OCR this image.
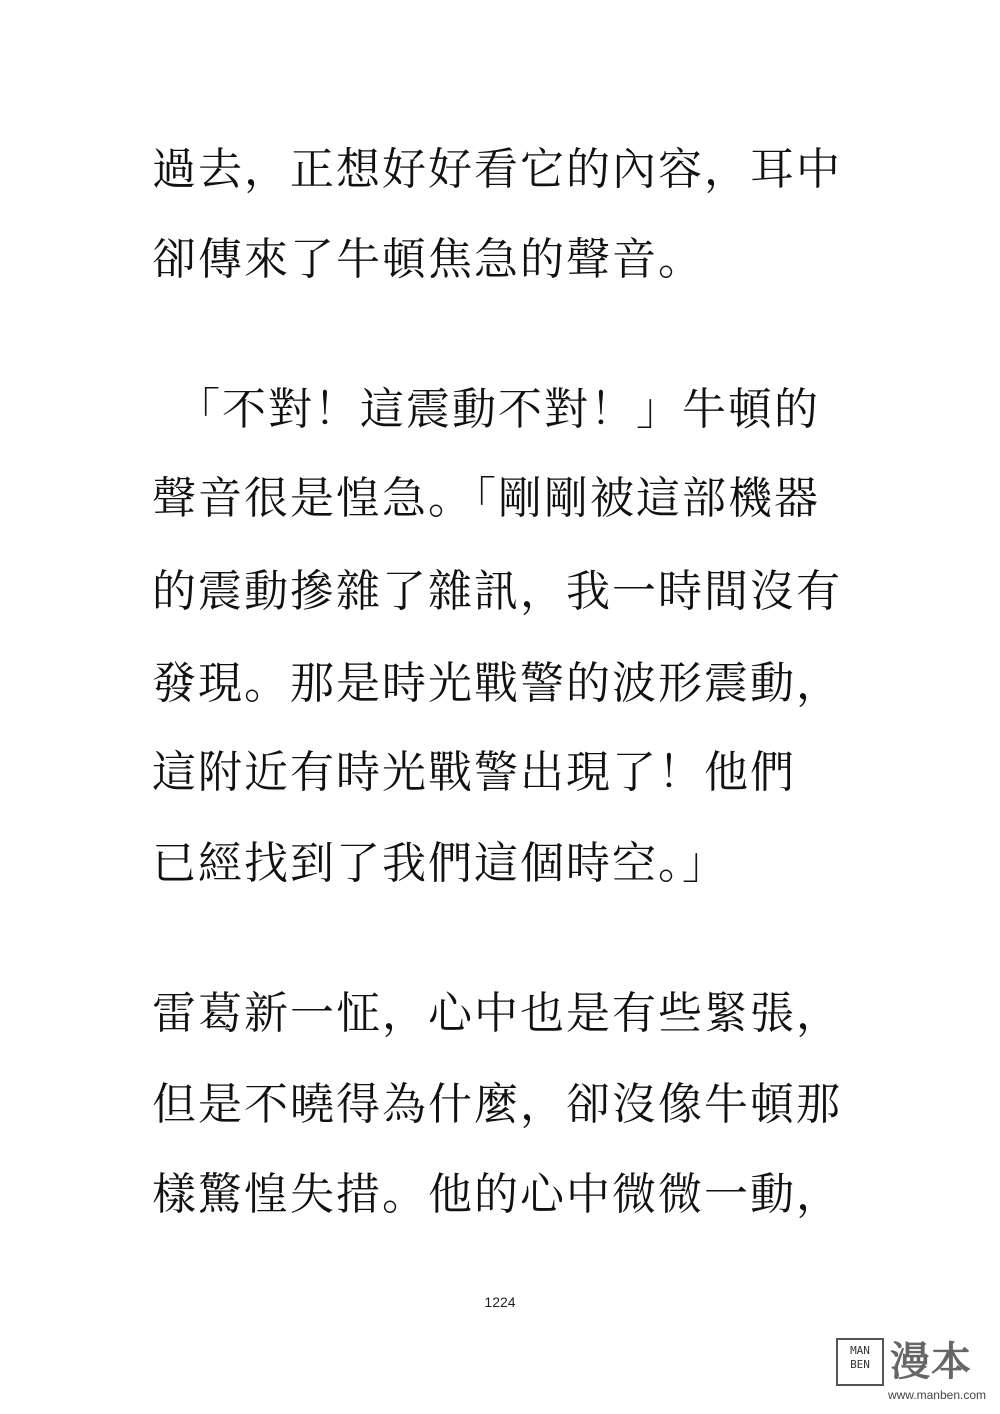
過去，正想好好看它的內容，耳中
卻傳來了牛頓焦急的聲音。
　「不對！這震動不對！」牛頓的
聲音很是惶急。「剛剛被這部機器
的震動摻雜了雜訊，我一時間沒有
發現。那是時光戰警的波形震動，
這附近有時光戰警出現了！他們
已經找到了我們這個時空。」
雷葛新一怔，心中也是有些緊張，
但是不曉得為什麼，卻沒像牛頓那
樣驚惶失措。他的心中微微一動，
1224
MAN
BEN 漫本
www.manben.com
